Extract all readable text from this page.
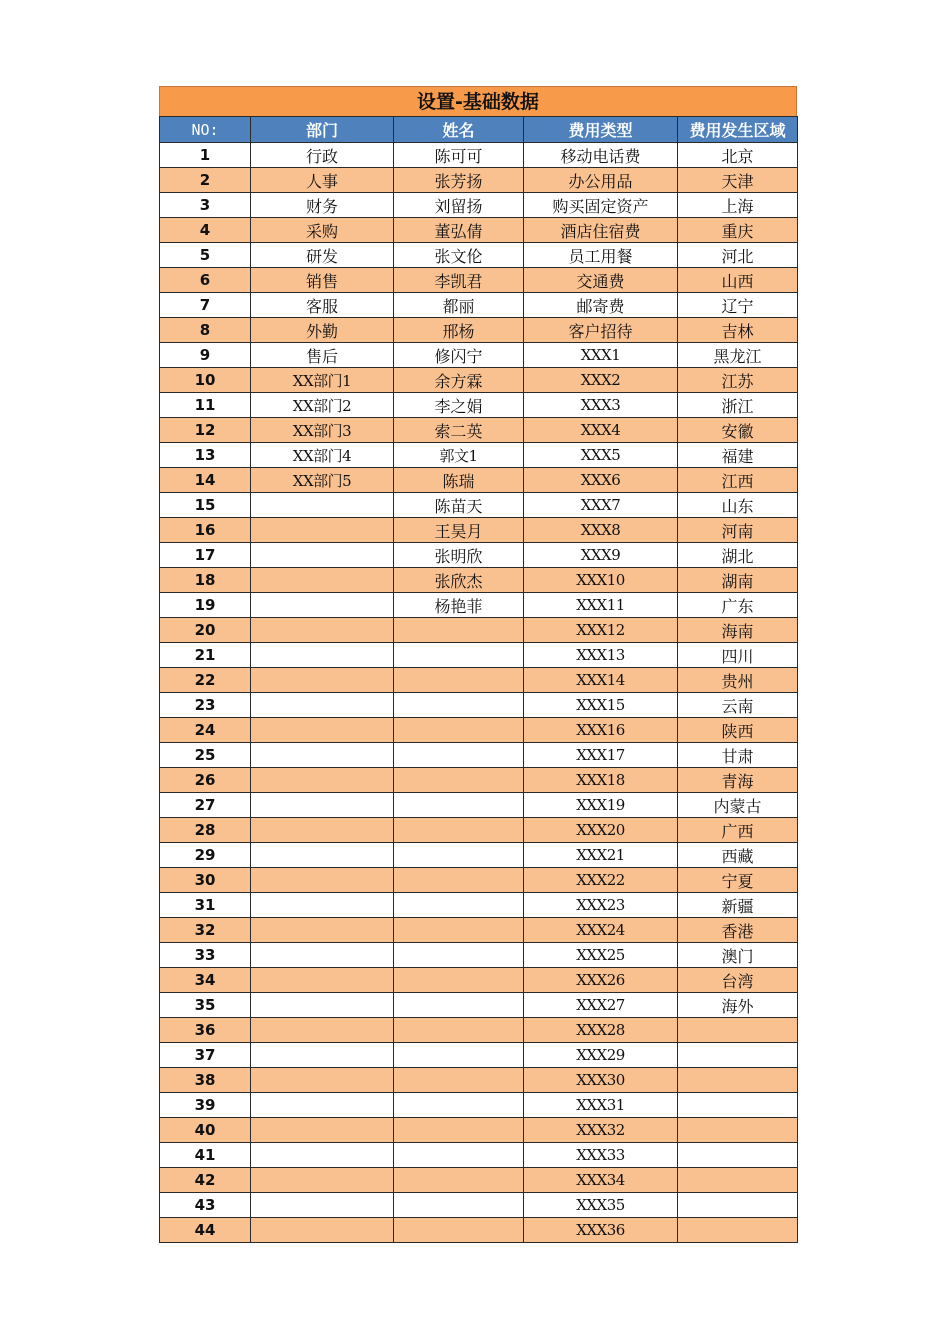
设置-基础数据
NO:	部门	姓名	费用类型	费用发生区域
1	行政	陈可可	移动电话费	北京
2	人事	张芳扬	办公用品	天津
3	财务	刘留扬	购买固定资产	上海
4	采购	董弘倩	酒店住宿费	重庆
5	研发	张文伦	员工用餐	河北
6	销售	李凯君	交通费	山西
7	客服	都丽	邮寄费	辽宁
8	外勤	邢杨	客户招待	吉林
9	售后	修闪宁	XXX1	黑龙江
10	XX部门1	余方霖	XXX2	江苏
11	XX部门2	李之娟	XXX3	浙江
12	XX部门3	索二英	XXX4	安徽
13	XX部门4	郭文1	XXX5	福建
14	XX部门5	陈瑞	XXX6	江西
15		陈苗天	XXX7	山东
16		王昊月	XXX8	河南
17		张明欣	XXX9	湖北
18		张欣杰	XXX10	湖南
19		杨艳菲	XXX11	广东
20			XXX12	海南
21			XXX13	四川
22			XXX14	贵州
23			XXX15	云南
24			XXX16	陕西
25			XXX17	甘肃
26			XXX18	青海
27			XXX19	内蒙古
28			XXX20	广西
29			XXX21	西藏
30			XXX22	宁夏
31			XXX23	新疆
32			XXX24	香港
33			XXX25	澳门
34			XXX26	台湾
35			XXX27	海外
36			XXX28	
37			XXX29	
38			XXX30	
39			XXX31	
40			XXX32	
41			XXX33	
42			XXX34	
43			XXX35	
44			XXX36	
